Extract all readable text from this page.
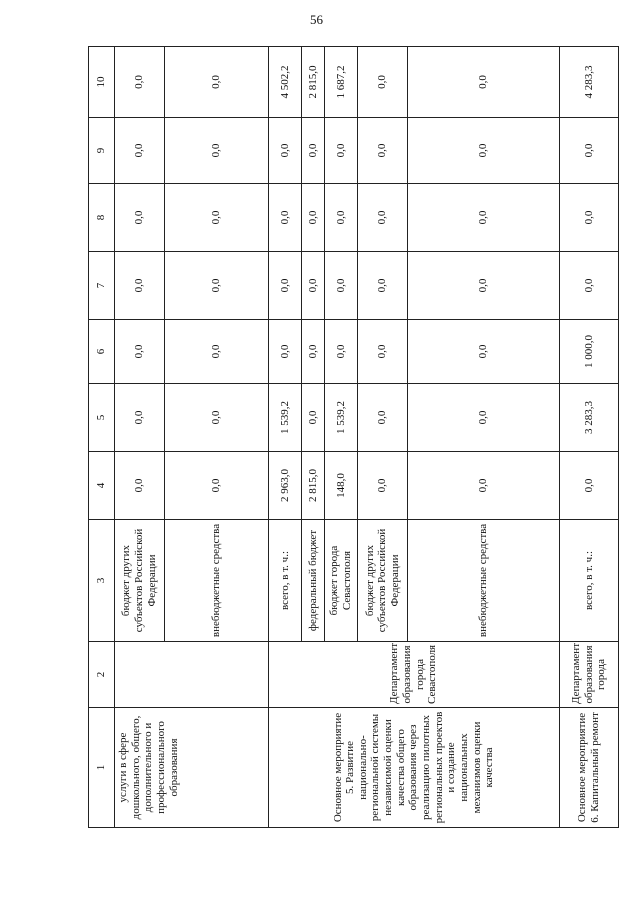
56
1	2	3	4	5	6	7	8	9	10
услуги в сфере дошкольного, общего, дополнительного и профессионального образования		бюджет других субъектов Российской Федерации	0,0	0,0	0,0	0,0	0,0	0,0	0,0
		внебюджетные средства	0,0	0,0	0,0	0,0	0,0	0,0	0,0
Основное мероприятие 5. Развитие национально-региональной системы независимой оценки качества общего образования через реализацию пилотных региональных проектов и создание национальных механизмов оценки качества	Департамент образования города Севастополя	всего, в т. ч.:	2 963,0	1 539,2	0,0	0,0	0,0	0,0	4 502,2
		федеральный бюджет	2 815,0	0,0	0,0	0,0	0,0	0,0	2 815,0
		бюджет города Севастополя	148,0	1 539,2	0,0	0,0	0,0	0,0	1 687,2
		бюджет других субъектов Российской Федерации	0,0	0,0	0,0	0,0	0,0	0,0	0,0
		внебюджетные средства	0,0	0,0	0,0	0,0	0,0	0,0	0,0
Основное мероприятие 6. Капитальный ремонт	Департамент образования города	всего, в т. ч.:	0,0	3 283,3	1 000,0	0,0	0,0	0,0	4 283,3
